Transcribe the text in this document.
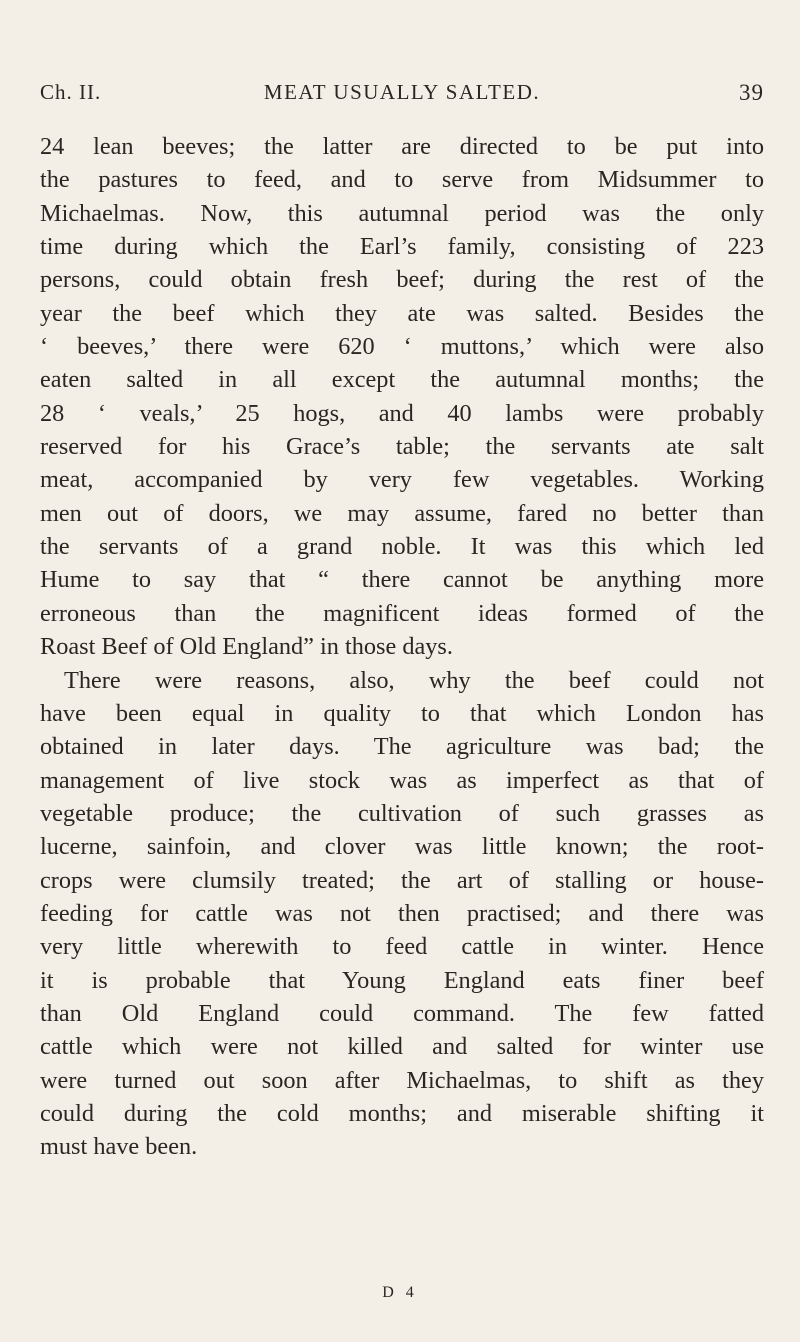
Ch. II.	MEAT USUALLY SALTED.	39
24 lean beeves; the latter are directed to be put into
the pastures to feed, and to serve from Midsummer to
Michaelmas. Now, this autumnal period was the only
time during which the Earl’s family, consisting of 223
persons, could obtain fresh beef; during the rest of the
year the beef which they ate was salted. Besides the
‘ beeves,’ there were 620 ‘ muttons,’ which were also
eaten salted in all except the autumnal months; the
28 ‘ veals,’ 25 hogs, and 40 lambs were probably
reserved for his Grace’s table; the servants ate salt
meat, accompanied by very few vegetables. Working
men out of doors, we may assume, fared no better than
the servants of a grand noble. It was this which led
Hume to say that “ there cannot be anything more
erroneous than the magnificent ideas formed of the
Roast Beef of Old England” in those days.
There were reasons, also, why the beef could not
have been equal in quality to that which London has
obtained in later days. The agriculture was bad; the
management of live stock was as imperfect as that of
vegetable produce; the cultivation of such grasses as
lucerne, sainfoin, and clover was little known; the root-
crops were clumsily treated; the art of stalling or house-
feeding for cattle was not then practised; and there was
very little wherewith to feed cattle in winter. Hence
it is probable that Young England eats finer beef
than Old England could command. The few fatted
cattle which were not killed and salted for winter use
were turned out soon after Michaelmas, to shift as they
could during the cold months; and miserable shifting it
must have been.
D 4
